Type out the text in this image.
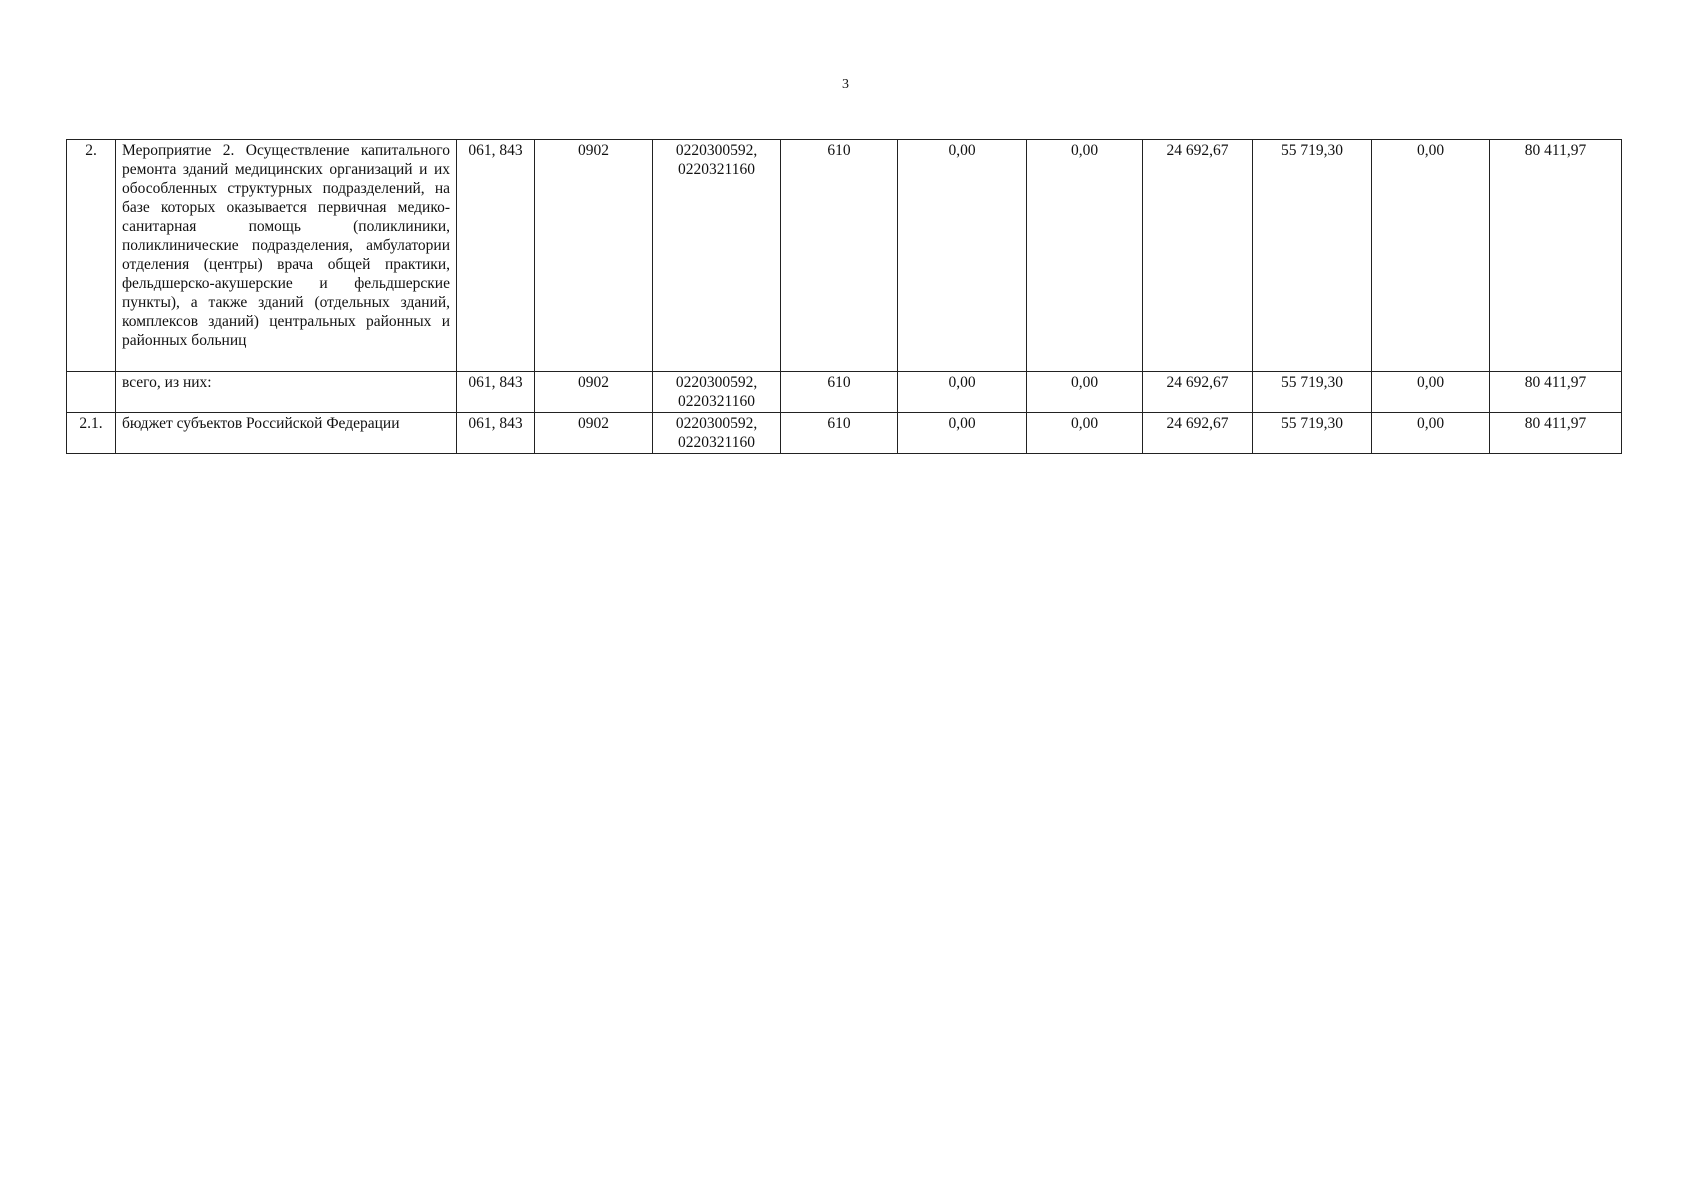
3
2.	Мероприятие 2. Осуществление капитального ремонта зданий медицинских организаций и их обособленных структурных подразделений, на базе которых оказывается первичная медико-санитарная помощь (поликлиники, поликлинические подразделения, амбулатории отделения (центры) врача общей практики, фельдшерско-акушерские и фельдшерские пункты), а также зданий (отдельных зданий, комплексов зданий) центральных районных и районных больниц	061, 843	0902	0220300592,
0220321160	610	0,00	0,00	24 692,67	55 719,30	0,00	80 411,97
	всего, из них:	061, 843	0902	0220300592,
0220321160	610	0,00	0,00	24 692,67	55 719,30	0,00	80 411,97
2.1.	бюджет субъектов Российской Федерации	061, 843	0902	0220300592,
0220321160	610	0,00	0,00	24 692,67	55 719,30	0,00	80 411,97
